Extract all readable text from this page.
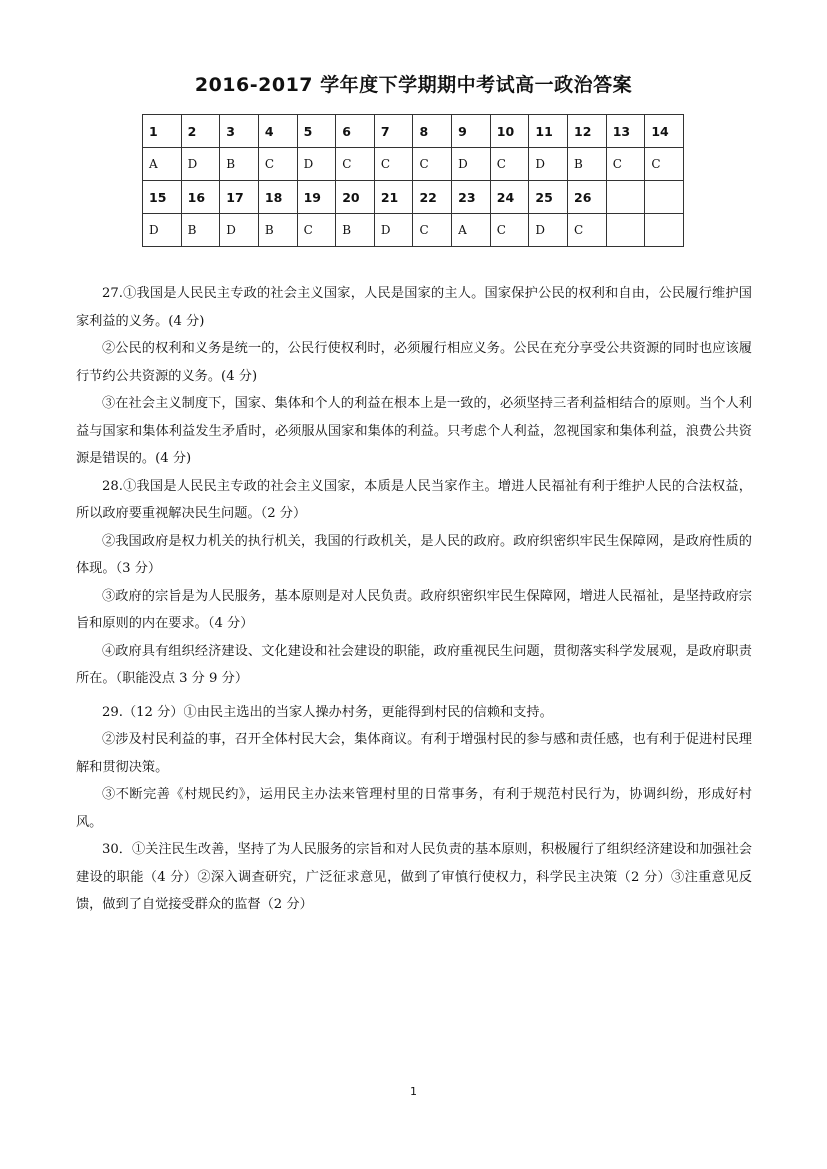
2016-2017 学年度下学期期中考试高一政治答案
1	2	3	4	5	6	7	8	9	10	11	12	13	14
A	D	B	C	D	C	C	C	D	C	D	B	C	C
15	16	17	18	19	20	21	22	23	24	25	26		
D	B	D	B	C	B	D	C	A	C	D	C		

27.①我国是人民民主专政的社会主义国家，人民是国家的主人。国家保护公民的权利和自由，公民履行维护国家利益的义务。(4 分)

②公民的权利和义务是统一的，公民行使权利时，必须履行相应义务。公民在充分享受公共资源的同时也应该履行节约公共资源的义务。(4 分)

③在社会主义制度下，国家、集体和个人的利益在根本上是一致的，必须坚持三者利益相结合的原则。当个人利益与国家和集体利益发生矛盾时，必须服从国家和集体的利益。只考虑个人利益，忽视国家和集体利益，浪费公共资源是错误的。(4 分)

28.①我国是人民民主专政的社会主义国家，本质是人民当家作主。增进人民福祉有利于维护人民的合法权益，所以政府要重视解决民生问题。（2 分）

②我国政府是权力机关的执行机关，我国的行政机关，是人民的政府。政府织密织牢民生保障网，是政府性质的体现。（3 分）

③政府的宗旨是为人民服务，基本原则是对人民负责。政府织密织牢民生保障网，增进人民福祉，是坚持政府宗旨和原则的内在要求。（4 分）

④政府具有组织经济建设、文化建设和社会建设的职能，政府重视民生问题，贯彻落实科学发展观，是政府职责所在。（职能没点 3 分 9 分）

29.（12 分）①由民主选出的当家人操办村务，更能得到村民的信赖和支持。

②涉及村民利益的事，召开全体村民大会，集体商议。有利于增强村民的参与感和责任感，也有利于促进村民理解和贯彻决策。

③不断完善《村规民约》，运用民主办法来管理村里的日常事务，有利于规范村民行为，协调纠纷，形成好村风。

30．①关注民生改善，坚持了为人民服务的宗旨和对人民负责的基本原则，积极履行了组织经济建设和加强社会建设的职能（4 分）②深入调查研究，广泛征求意见，做到了审慎行使权力，科学民主决策（2 分）③注重意见反馈，做到了自觉接受群众的监督（2 分）

1
